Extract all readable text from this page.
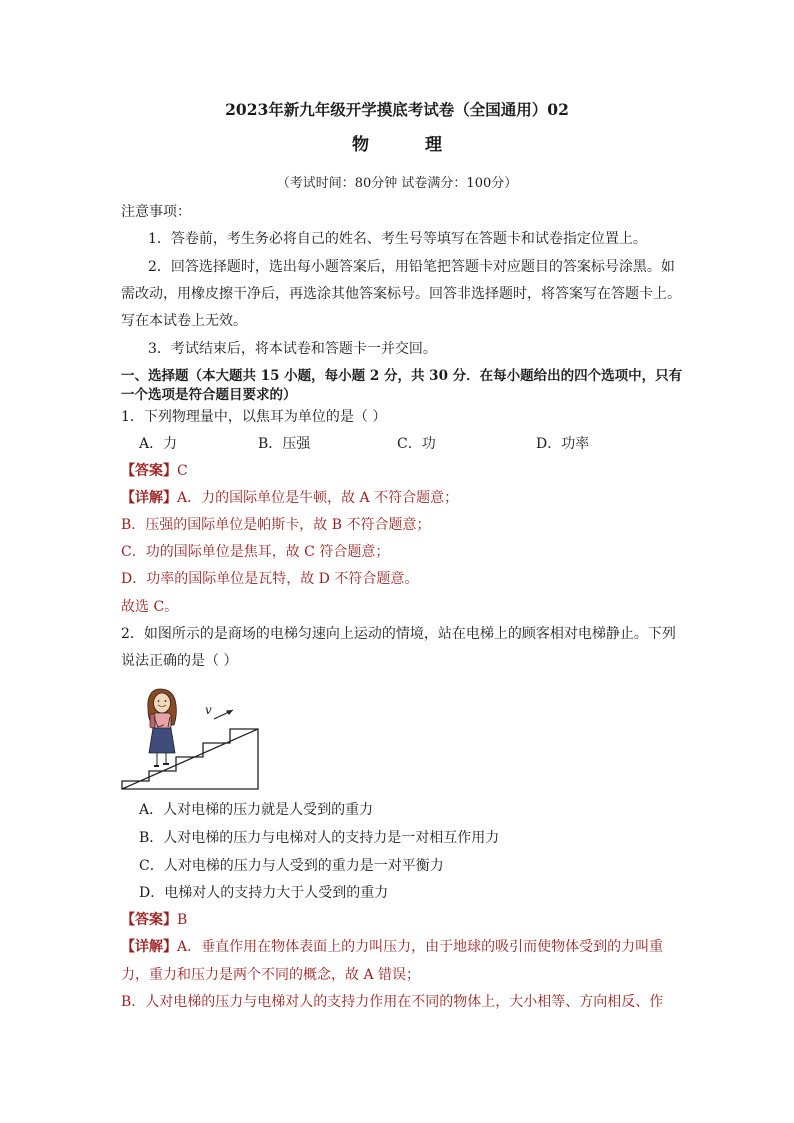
2023年新九年级开学摸底考试卷（全国通用）02
物	理
（考试时间：80分钟 试卷满分：100分）
注意事项：
1．答卷前，考生务必将自己的姓名、考生号等填写在答题卡和试卷指定位置上。
2．回答选择题时，选出每小题答案后，用铅笔把答题卡对应题目的答案标号涂黑。如
需改动，用橡皮擦干净后，再选涂其他答案标号。回答非选择题时，将答案写在答题卡上。
写在本试卷上无效。
3．考试结束后，将本试卷和答题卡一并交回。
一、选择题（本大题共 15 小题，每小题 2 分，共 30 分．在每小题给出的四个选项中，只有
一个选项是符合题目要求的）
1．下列物理量中，以焦耳为单位的是（ ）
A．力	B．压强	C．功	D．功率
【答案】C
【详解】A．力的国际单位是牛顿，故 A 不符合题意；
B．压强的国际单位是帕斯卡，故 B 不符合题意；
C．功的国际单位是焦耳，故 C 符合题意；
D．功率的国际单位是瓦特，故 D 不符合题意。
故选 C。
2．如图所示的是商场的电梯匀速向上运动的情境，站在电梯上的顾客相对电梯静止。下列
说法正确的是（ ）
v
A．人对电梯的压力就是人受到的重力
B．人对电梯的压力与电梯对人的支持力是一对相互作用力
C．人对电梯的压力与人受到的重力是一对平衡力
D．电梯对人的支持力大于人受到的重力
【答案】B
【详解】A．垂直作用在物体表面上的力叫压力，由于地球的吸引而使物体受到的力叫重
力，重力和压力是两个不同的概念，故 A 错误；
B．人对电梯的压力与电梯对人的支持力作用在不同的物体上，大小相等、方向相反、作
